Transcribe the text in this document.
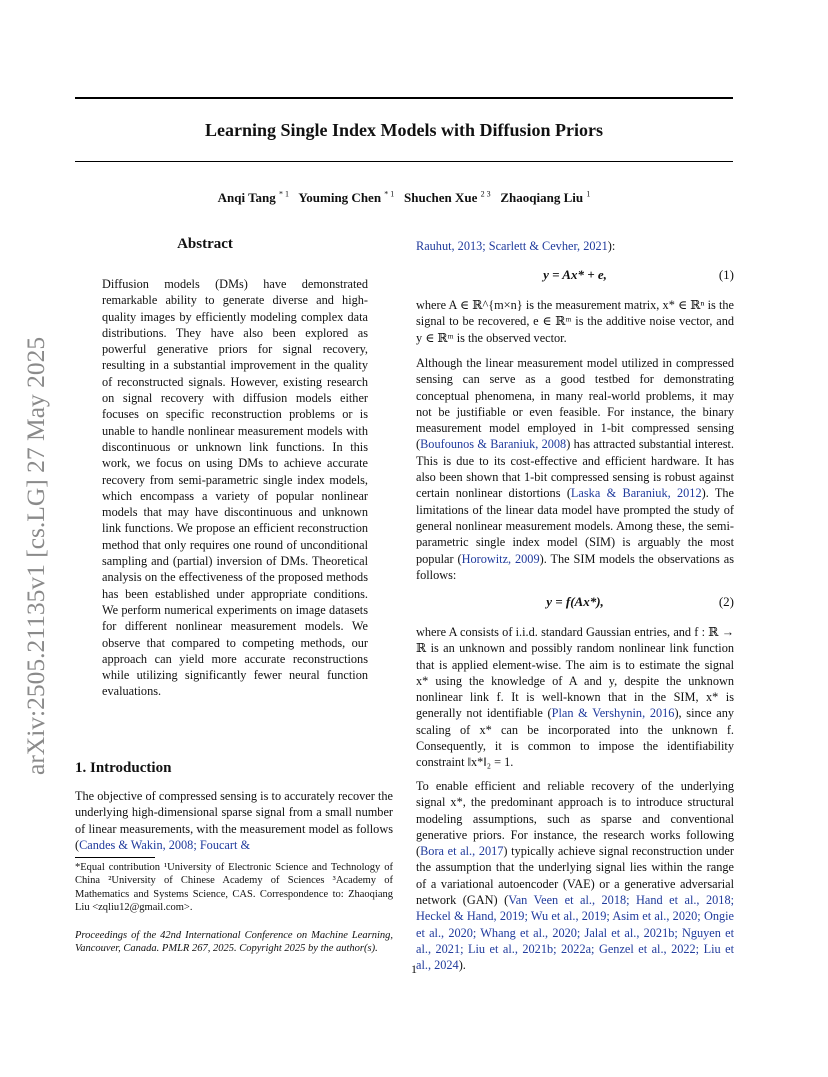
arXiv:2505.21135v1 [cs.LG] 27 May 2025
Learning Single Index Models with Diffusion Priors
Anqi Tang $^{* 1}$ Youming Chen $^{* 1}$ Shuchen Xue $^{2 3}$ Zhaoqiang Liu $^1$
Abstract
Diffusion models (DMs) have demonstrated remarkable ability to generate diverse and high-quality images by efficiently modeling complex data distributions. They have also been explored as powerful generative priors for signal recovery, resulting in a substantial improvement in the quality of reconstructed signals. However, existing research on signal recovery with diffusion models either focuses on specific reconstruction problems or is unable to handle nonlinear measurement models with discontinuous or unknown link functions. In this work, we focus on using DMs to achieve accurate recovery from semi-parametric single index models, which encompass a variety of popular nonlinear models that may have discontinuous and unknown link functions. We propose an efficient reconstruction method that only requires one round of unconditional sampling and (partial) inversion of DMs. Theoretical analysis on the effectiveness of the proposed methods has been established under appropriate conditions. We perform numerical experiments on image datasets for different nonlinear measurement models. We observe that compared to competing methods, our approach can yield more accurate reconstructions while utilizing significantly fewer neural function evaluations.
1. Introduction
The objective of compressed sensing is to accurately recover the underlying high-dimensional sparse signal from a small number of linear measurements, with the measurement model as follows (Candes & Wakin, 2008; Foucart &
*Equal contribution ¹University of Electronic Science and Technology of China ²University of Chinese Academy of Sciences ³Academy of Mathematics and Systems Science, CAS. Correspondence to: Zhaoqiang Liu <zqliu12@gmail.com>.
Proceedings of the 42nd International Conference on Machine Learning, Vancouver, Canada. PMLR 267, 2025. Copyright 2025 by the author(s).
Rauhut, 2013; Scarlett & Cevher, 2021):
y = Ax* + e,	(1)
where A ∈ ℝ^{m×n} is the measurement matrix, x* ∈ ℝⁿ is the signal to be recovered, e ∈ ℝᵐ is the additive noise vector, and y ∈ ℝᵐ is the observed vector.
Although the linear measurement model utilized in compressed sensing can serve as a good testbed for demonstrating conceptual phenomena, in many real-world problems, it may not be justifiable or even feasible. For instance, the binary measurement model employed in 1-bit compressed sensing (Boufounos & Baraniuk, 2008) has attracted substantial interest. This is due to its cost-effective and efficient hardware. It has also been shown that 1-bit compressed sensing is robust against certain nonlinear distortions (Laska & Baraniuk, 2012). The limitations of the linear data model have prompted the study of general nonlinear measurement models. Among these, the semi-parametric single index model (SIM) is arguably the most popular (Horowitz, 2009). The SIM models the observations as follows:
y = f(Ax*),	(2)
where A consists of i.i.d. standard Gaussian entries, and f : ℝ → ℝ is an unknown and possibly random nonlinear link function that is applied element-wise. The aim is to estimate the signal x* using the knowledge of A and y, despite the unknown nonlinear link f. It is well-known that in the SIM, x* is generally not identifiable (Plan & Vershynin, 2016), since any scaling of x* can be incorporated into the unknown f. Consequently, it is common to impose the identifiability constraint ‖x*‖₂ = 1.
To enable efficient and reliable recovery of the underlying signal x*, the predominant approach is to introduce structural modeling assumptions, such as sparse and conventional generative priors. For instance, the research works following (Bora et al., 2017) typically achieve signal reconstruction under the assumption that the underlying signal lies within the range of a variational autoencoder (VAE) or a generative adversarial network (GAN) (Van Veen et al., 2018; Hand et al., 2018; Heckel & Hand, 2019; Wu et al., 2019; Asim et al., 2020; Ongie et al., 2020; Whang et al., 2020; Jalal et al., 2021b; Nguyen et al., 2021; Liu et al., 2021b; 2022a; Genzel et al., 2022; Liu et al., 2024).
1
